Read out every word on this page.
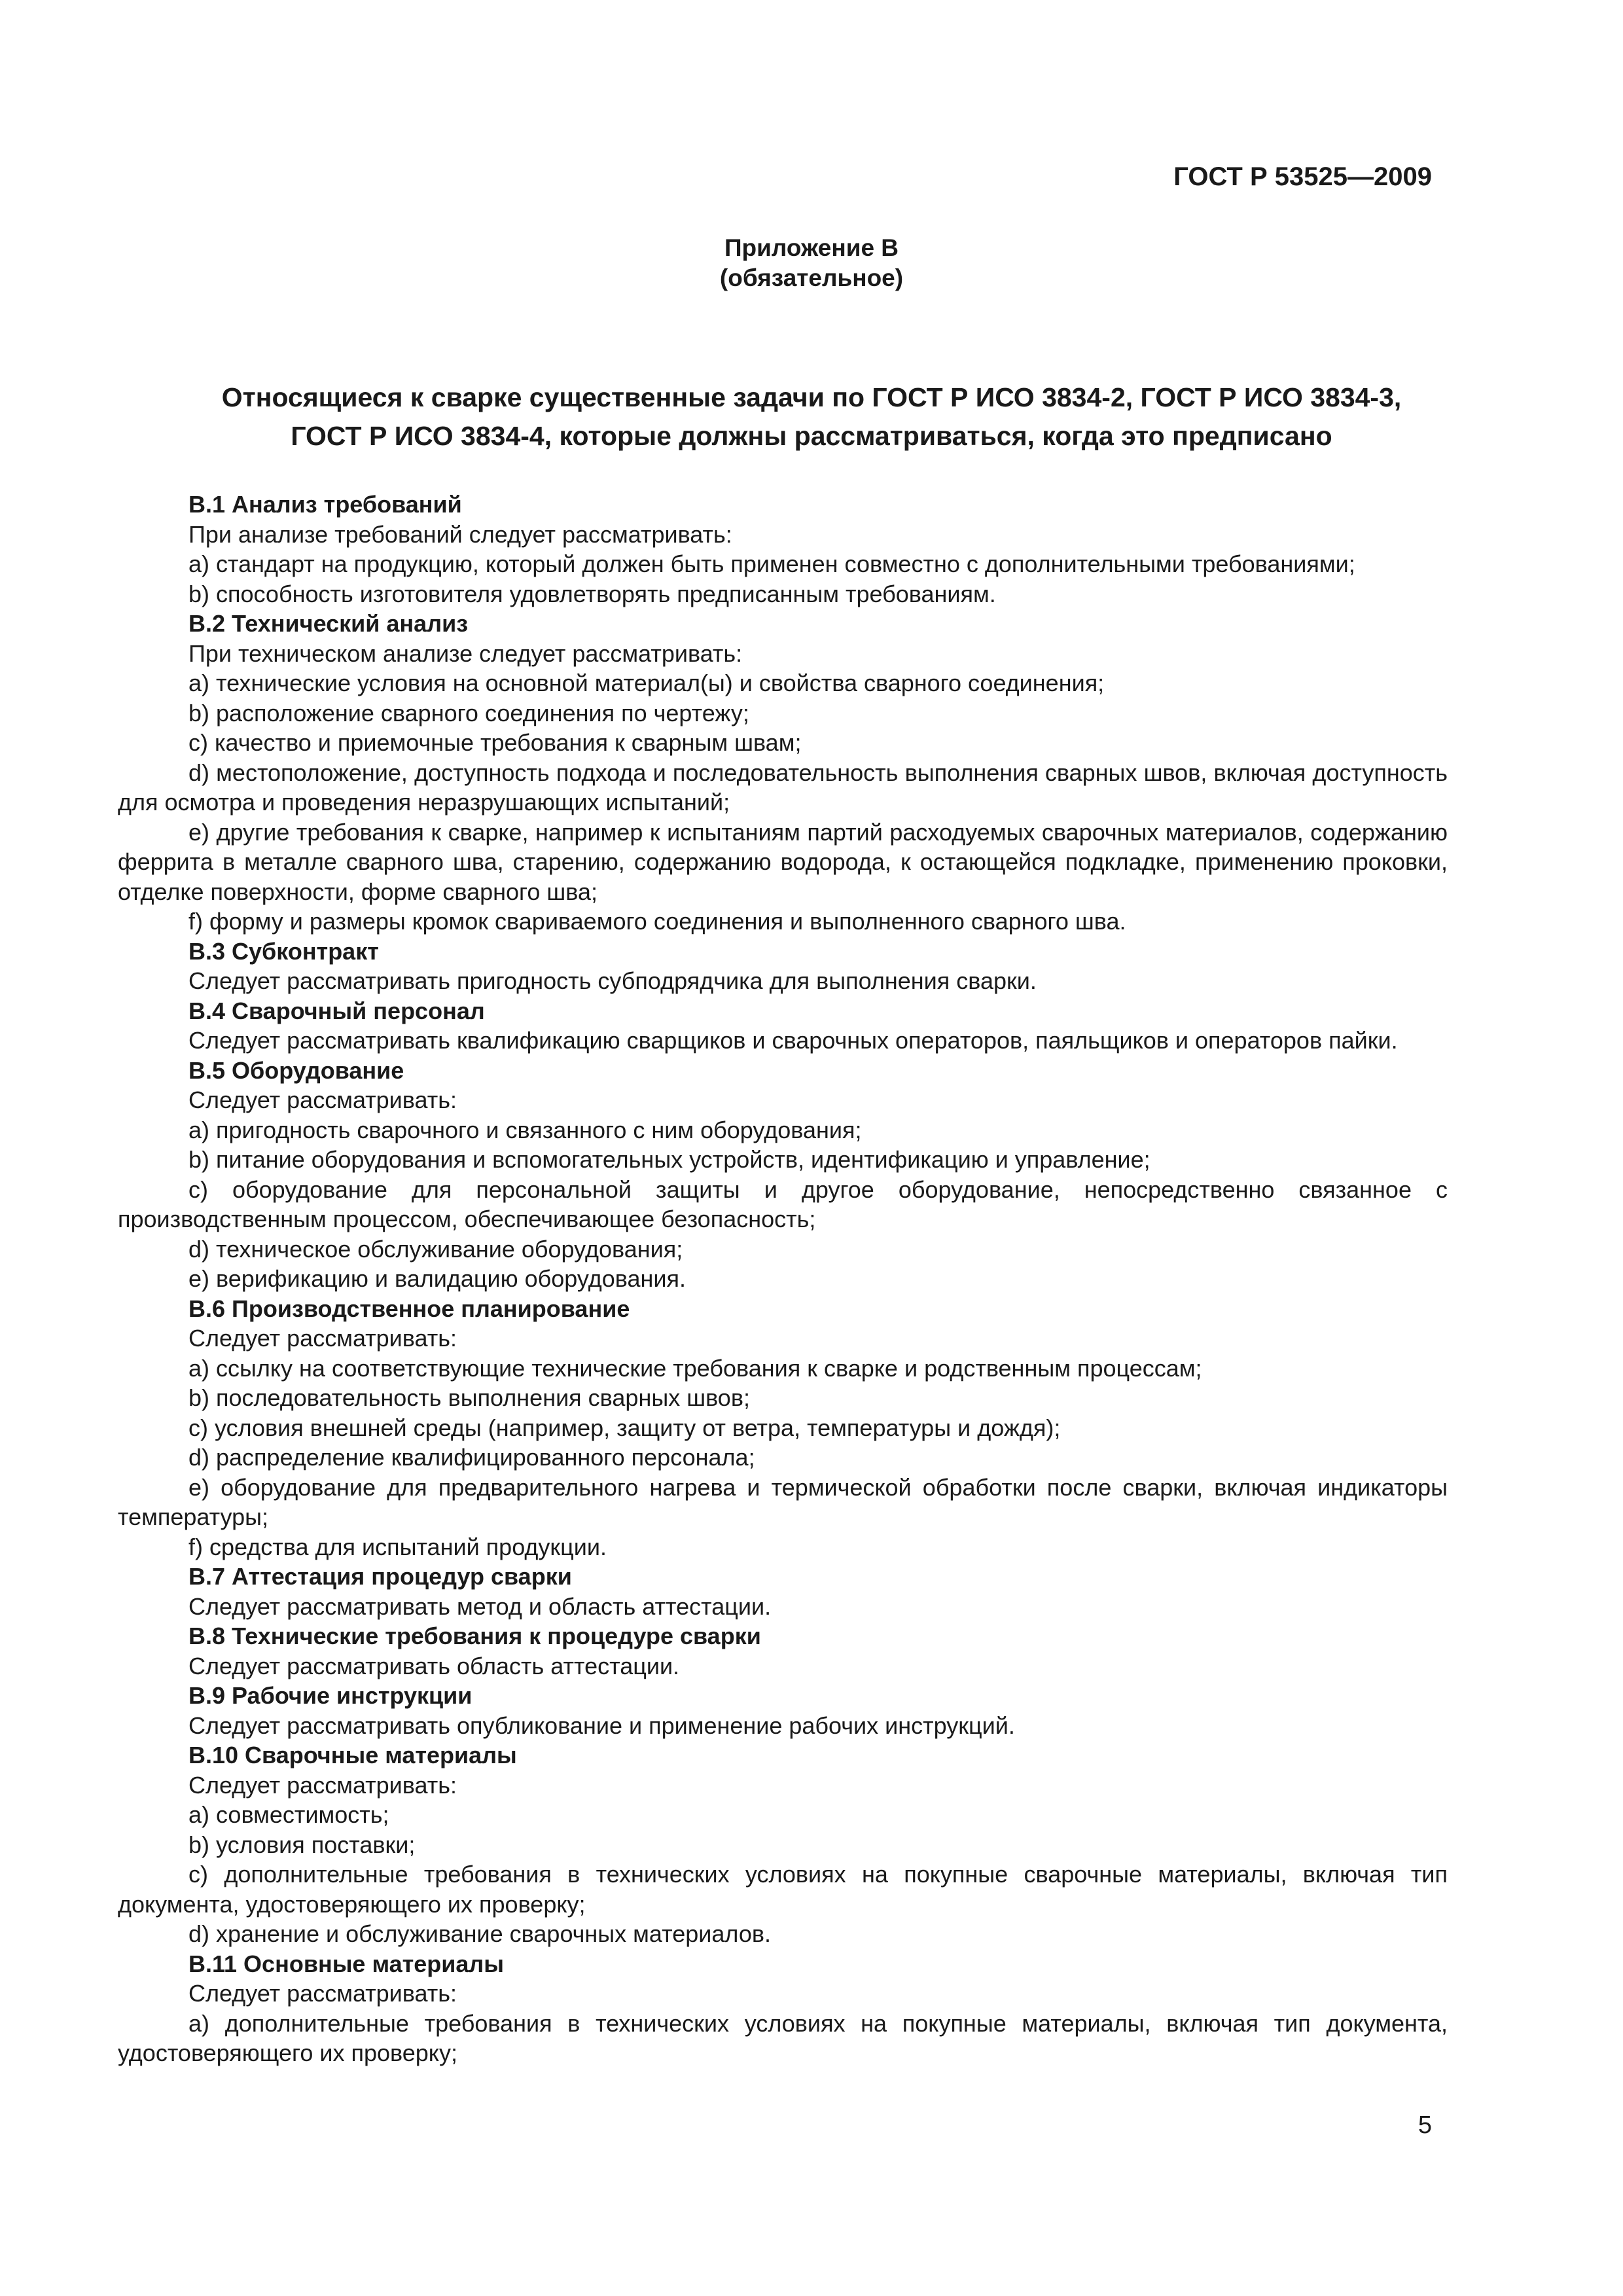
ГОСТ Р 53525—2009
Приложение В
(обязательное)
Относящиеся к сварке существенные задачи по ГОСТ Р ИСО 3834-2, ГОСТ Р ИСО 3834-3,
ГОСТ Р ИСО 3834-4, которые должны рассматриваться, когда это предписано

В.1 Анализ требований

При анализе требований следует рассматривать:

а) стандарт на продукцию, который должен быть применен совместно с дополнительными требованиями;

b) способность изготовителя удовлетворять предписанным требованиям.

В.2 Технический анализ

При техническом анализе следует рассматривать:

а) технические условия на основной материал(ы) и свойства сварного соединения;

b) расположение сварного соединения по чертежу;

c) качество и приемочные требования к сварным швам;

d) местоположение, доступность подхода и последовательность выполнения сварных швов, включая доступность для осмотра и проведения неразрушающих испытаний;

e) другие требования к сварке, например к испытаниям партий расходуемых сварочных материалов, содержанию феррита в металле сварного шва, старению, содержанию водорода, к остающейся подкладке, применению проковки, отделке поверхности, форме сварного шва;

f) форму и размеры кромок свариваемого соединения и выполненного сварного шва.

В.3 Субконтракт

Следует рассматривать пригодность субподрядчика для выполнения сварки.

В.4 Сварочный персонал

Следует рассматривать квалификацию сварщиков и сварочных операторов, паяльщиков и операторов пайки.

В.5 Оборудование

Следует рассматривать:

а) пригодность сварочного и связанного с ним оборудования;

b) питание оборудования и вспомогательных устройств, идентификацию и управление;

c) оборудование для персональной защиты и другое оборудование, непосредственно связанное с производственным процессом, обеспечивающее безопасность;

d) техническое обслуживание оборудования;

e) верификацию и валидацию оборудования.

В.6 Производственное планирование

Следует рассматривать:

а) ссылку на соответствующие технические требования к сварке и родственным процессам;

b) последовательность выполнения сварных швов;

c) условия внешней среды (например, защиту от ветра, температуры и дождя);

d) распределение квалифицированного персонала;

e) оборудование для предварительного нагрева и термической обработки после сварки, включая индикаторы температуры;

f) средства для испытаний продукции.

В.7 Аттестация процедур сварки

Следует рассматривать метод и область аттестации.

В.8 Технические требования к процедуре сварки

Следует рассматривать область аттестации.

В.9 Рабочие инструкции

Следует рассматривать опубликование и применение рабочих инструкций.

В.10 Сварочные материалы

Следует рассматривать:

а) совместимость;

b) условия поставки;

c) дополнительные требования в технических условиях на покупные сварочные материалы, включая тип документа, удостоверяющего их проверку;

d) хранение и обслуживание сварочных материалов.

В.11 Основные материалы

Следует рассматривать:

а) дополнительные требования в технических условиях на покупные материалы, включая тип документа, удостоверяющего их проверку;

5
